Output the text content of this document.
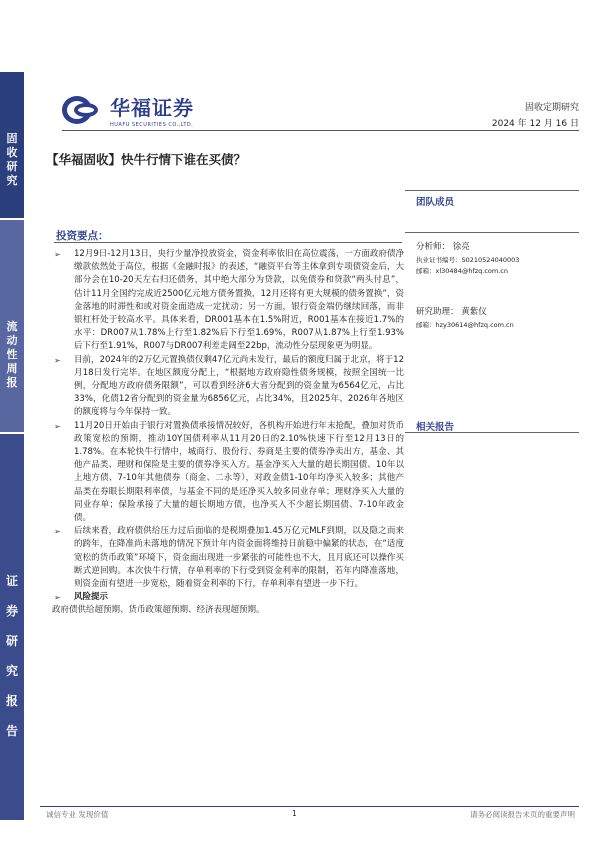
固
收
研
究
流
动
性
周
报
证
券
研
究
报
告
华福证券
HUAFU SECURITIES CO.,LTD.
固收定期研究
2024 年 12 月 16 日
【华福固收】快牛行情下谁在买债？
团队成员
分析师： 徐亮
执业证书编号：S0210524040003
邮箱：xl30484@hfzq.com.cn
研究助理： 黄紫仪
邮箱：hzy30614@hfzq.com.cn
相关报告
投资要点：
➢ 12月9日-12月13日，央行少量净投放资金，资金利率依旧在高位震荡，一方面政府债净缴款依然处于高位，根据《金融时报》的表述，“融资平台等主体拿到专项债资金后，大部分会在10-20天左右归还债务，其中绝大部分为贷款，以免债券和贷款“两头付息”，估计11月全国约完成近2500亿元地方债务置换，12月还将有更大规模的债务置换”，资金落地的时滞性和或对资金面造成一定扰动；另一方面，银行资金端仍继续回落，而非银杠杆处于较高水平。具体来看，DR001基本在1.5%附近，R001基本在接近1.7%的水平：DR007从1.78%上行至1.82%后下行至1.69%，R007从1.87%上行至1.93%后下行至1.91%，R007与DR007利差走阔至22bp，流动性分层现象更为明显。
➢ 目前，2024年的2万亿元置换债仅剩47亿元尚未发行，最后的额度归属于北京，将于12月18日发行完毕。在地区额度分配上，“根据地方政府隐性债务规模，按照全国统一比例，分配地方政府债务限额”，可以看到经济6大省分配到的资金量为6564亿元，占比33%，化债12省分配到的资金量为6856亿元，占比34%，且2025年、2026年各地区的额度将与今年保持一致。
➢ 11月20日开始由于银行对置换债承接情况较好，各机构开始进行年末抢配，叠加对货币政策宽松的预期，推动10Y国债利率从11月20日的2.10%快速下行至12月13日的1.78%。在本轮快牛行情中，城商行、股份行、券商是主要的债券净卖出方，基金、其他产品类、理财和保险是主要的债券净买入方。基金净买入大量的超长期国债、10年以上地方债、7-10年其他债券（商金、二永等），对政金债1-10年均净买入较多；其他产品类在券眼长期限利率债，与基金不同的是还净买入较多同业存单；理财净买入大量的同业存单；保险承接了大量的超长期地方债，也净买入不少超长期国债、7-10年政金债。
➢ 后续来看，政府债供给压力过后面临的是税期叠加1.45万亿元MLF到期，以及隐之而来的跨年，在降准尚未落地的情况下预计年内资金面将维持日前稳中偏紧的状态，在“适度宽松的货币政策”环境下，资金面出现进一步紧张的可能性也不大，且月底还可以操作买断式逆回购。本次快牛行情，存单利率的下行受到资金利率的限制，若年内降准落地，则资金面有望进一步宽松，随着资金利率的下行，存单利率有望进一步下行。
➢ 风险提示
政府债供给超预期、货币政策超预期、经济表现超预期。
诚信专业 发现价值	1	请务必阅读报告末页的重要声明
